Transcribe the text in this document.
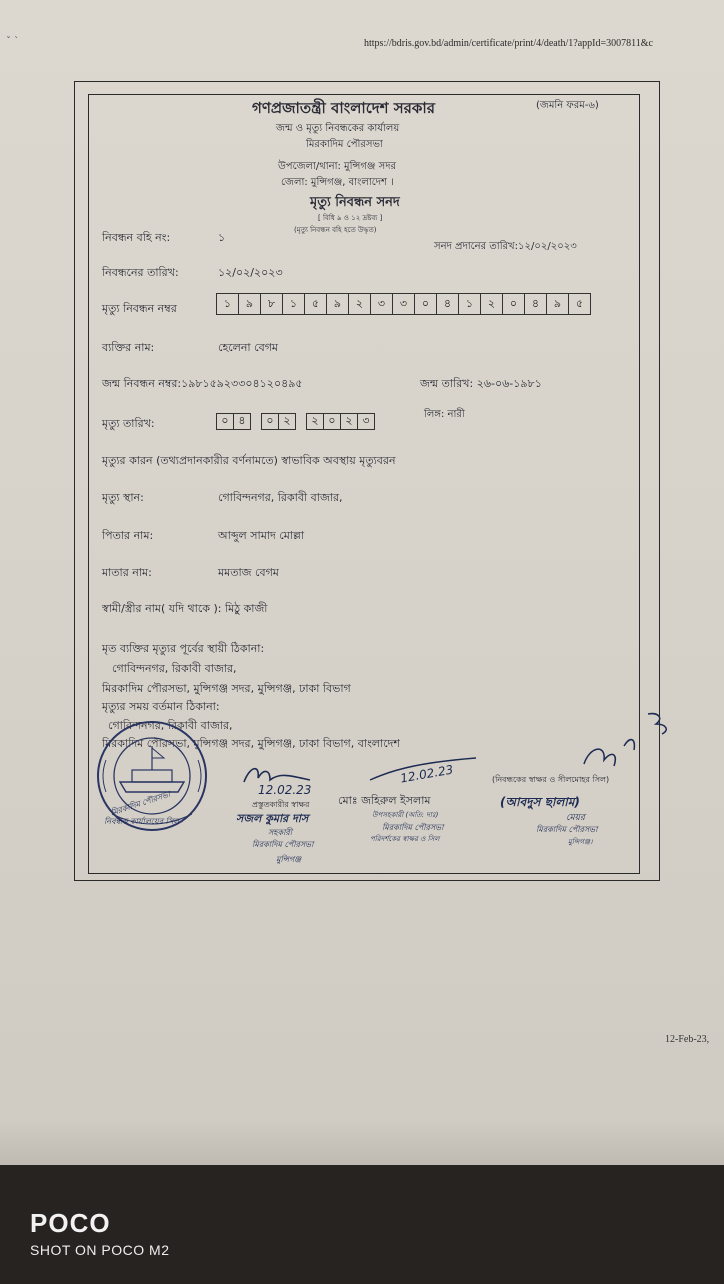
ˇ `	https://bdris.gov.bd/admin/certificate/print/4/death/1?appId=3007811&c
গণপ্রজাতন্ত্রী বাংলাদেশ সরকার	(জমনি ফরম-৬)
জন্ম ও মৃত্যু নিবন্ধকের কার্যালয়
মিরকাদিম পৌরসভা
উপজেলা/থানা: মুন্সিগঞ্জ সদর
জেলা: মুন্সিগঞ্জ, বাংলাদেশ ।
মৃত্যু নিবন্ধন সনদ
[ বিধি ৯ ও ১২ দ্রষ্টব্য ]
(মৃত্যু নিবন্ধন বহি হতে উদ্ধৃত)
নিবন্ধন বহি নং:	১
সনদ প্রদানের তারিখ:১২/০২/২০২৩
নিবন্ধনের তারিখ:	১২/০২/২০২৩
মৃত্যু নিবন্ধন নম্বর	১	৯	৮	১	৫	৯	২	৩	৩	০	৪	১	২	০	৪	৯	৫
ব্যক্তির নাম:	হেলেনা বেগম
জন্ম নিবন্ধন নম্বর:১৯৮১৫৯২৩৩০৪১২০৪৯৫	জন্ম তারিখ: ২৬-০৬-১৯৮১
মৃত্যু তারিখ:	০ ৪	০ ২	২ ০ ২ ৩	লিঙ্গ: নারী
মৃত্যুর কারন (তথ্যপ্রদানকারীর বর্ণনামতে) স্বাভাবিক অবস্থায় মৃত্যুবরন
মৃত্যু স্থান:	গোবিন্দনগর, রিকাবী বাজার,
পিতার নাম:	আব্দুল সামাদ মোল্লা
মাতার নাম:	মমতাজ বেগম
স্বামী/স্ত্রীর নাম( যদি থাকে ): মিঠু কাজী
মৃত ব্যক্তির মৃত্যুর পূর্বের স্থায়ী ঠিকানা:
গোবিন্দনগর, রিকাবী বাজার,
মিরকাদিম পৌরসভা, মুন্সিগঞ্জ সদর, মুন্সিগঞ্জ, ঢাকা বিভাগ
মৃত্যুর সময় বর্তমান ঠিকানা:
গোবিন্দনগর, রিকাবী বাজার,
মিরকাদিম পৌরসভা, মুন্সিগঞ্জ সদর, মুন্সিগঞ্জ, ঢাকা বিভাগ, বাংলাদেশ
মিরকাদিম পৌরসভা
নিবন্ধক কার্যালয়ের সিল
12.02.23
প্রস্তুতকারীর স্বাক্ষর
সজল কুমার দাস
সহকারী
মিরকাদিম পৌরসভা
মুন্সিগঞ্জ
12.02.23
মোঃ জহিরুল ইসলাম
উপসহকারী (অতি: দাঃ)
মিরকাদিম পৌরসভা
পরিদর্শকের স্বাক্ষর ও সিল
(নিবন্ধকের স্বাক্ষর ও সীলমোহর সিল)
(আবদুস ছালাম)
মেয়র
মিরকাদিম পৌরসভা
মুন্সিগঞ্জ।
12-Feb-23,
POCO
SHOT ON POCO M2
